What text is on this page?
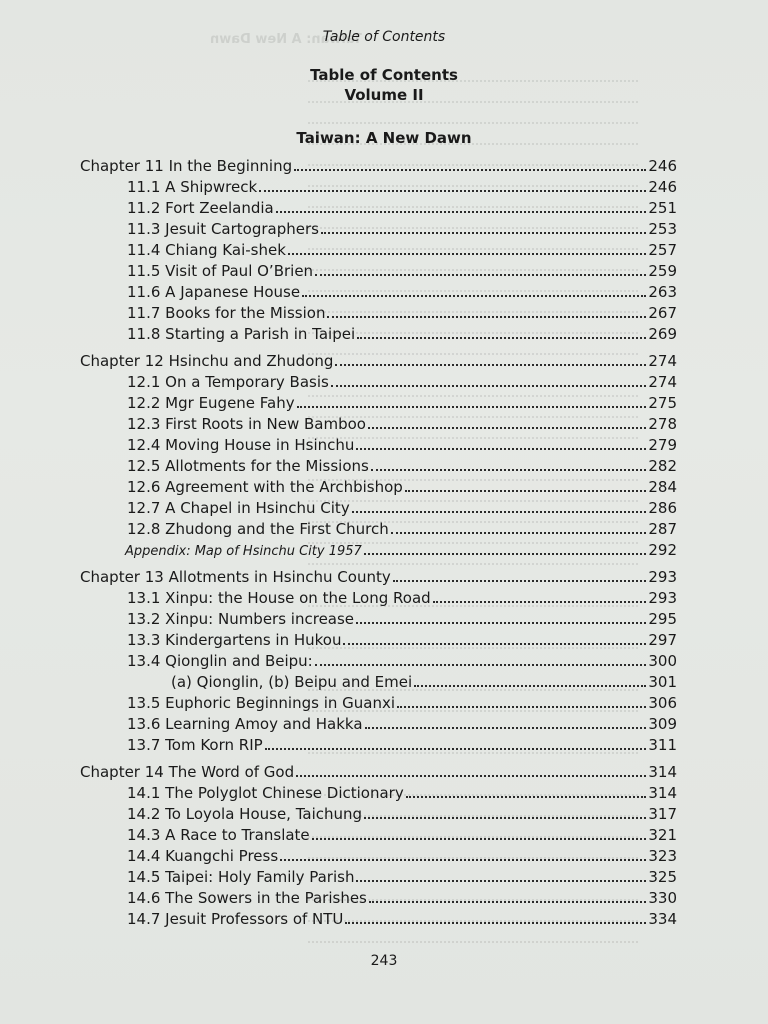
Taiwan: A New Dawn
Table of Contents
Table of Contents
Volume II
Taiwan: A New Dawn
Chapter 11 In the Beginning	246
11.1 A Shipwreck	246
11.2 Fort Zeelandia	251
11.3 Jesuit Cartographers	253
11.4 Chiang Kai-shek	257
11.5 Visit of Paul O’Brien	259
11.6 A Japanese House	263
11.7 Books for the Mission	267
11.8 Starting a Parish in Taipei	269
Chapter 12 Hsinchu and Zhudong	274
12.1 On a Temporary Basis	274
12.2 Mgr Eugene Fahy	275
12.3 First Roots in New Bamboo	278
12.4 Moving House in Hsinchu	279
12.5 Allotments for the Missions	282
12.6 Agreement with the Archbishop	284
12.7 A Chapel in Hsinchu City	286
12.8 Zhudong and the First Church	287
Appendix: Map of Hsinchu City 1957	292
Chapter 13 Allotments in Hsinchu County	293
13.1 Xinpu: the House on the Long Road	293
13.2 Xinpu: Numbers increase	295
13.3 Kindergartens in Hukou	297
13.4 Qionglin and Beipu:	300
(a) Qionglin, (b) Beipu and Emei	301
13.5 Euphoric Beginnings in Guanxi	306
13.6 Learning Amoy and Hakka	309
13.7 Tom Korn RIP	311
Chapter 14 The Word of God	314
14.1 The Polyglot Chinese Dictionary	314
14.2 To Loyola House, Taichung	317
14.3 A Race to Translate	321
14.4 Kuangchi Press	323
14.5 Taipei: Holy Family Parish	325
14.6 The Sowers in the Parishes	330
14.7 Jesuit Professors of NTU	334
243
